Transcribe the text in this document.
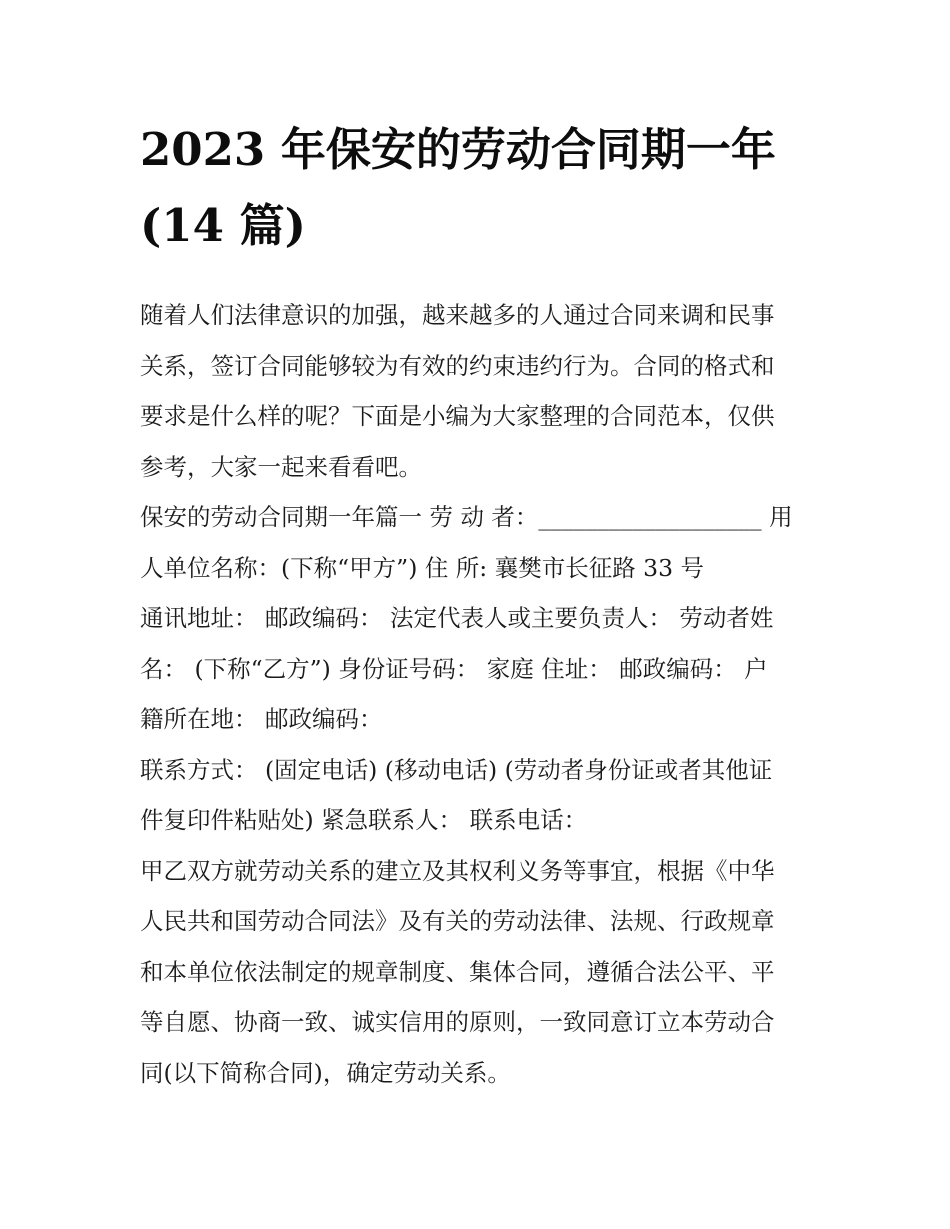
2023 年保安的劳动合同期一年
(14 篇)

随着人们法律意识的加强，越来越多的人通过合同来调和民事
关系，签订合同能够较为有效的约束违约行为。合同的格式和
要求是什么样的呢？下面是小编为大家整理的合同范本，仅供
参考，大家一起来看看吧。

保安的劳动合同期一年篇一 劳 动 者：___________________ 用
人单位名称：(下称“甲方”) 住 所: 襄樊市长征路 33 号

通讯地址： 邮政编码： 法定代表人或主要负责人： 劳动者姓
名： (下称“乙方”) 身份证号码： 家庭 住址： 邮政编码： 户
籍所在地： 邮政编码：

联系方式： (固定电话) (移动电话) (劳动者身份证或者其他证
件复印件粘贴处) 紧急联系人： 联系电话：

甲乙双方就劳动关系的建立及其权利义务等事宜，根据《中华
人民共和国劳动合同法》及有关的劳动法律、法规、行政规章
和本单位依法制定的规章制度、集体合同，遵循合法公平、平
等自愿、协商一致、诚实信用的原则，一致同意订立本劳动合
同(以下简称合同)，确定劳动关系。
